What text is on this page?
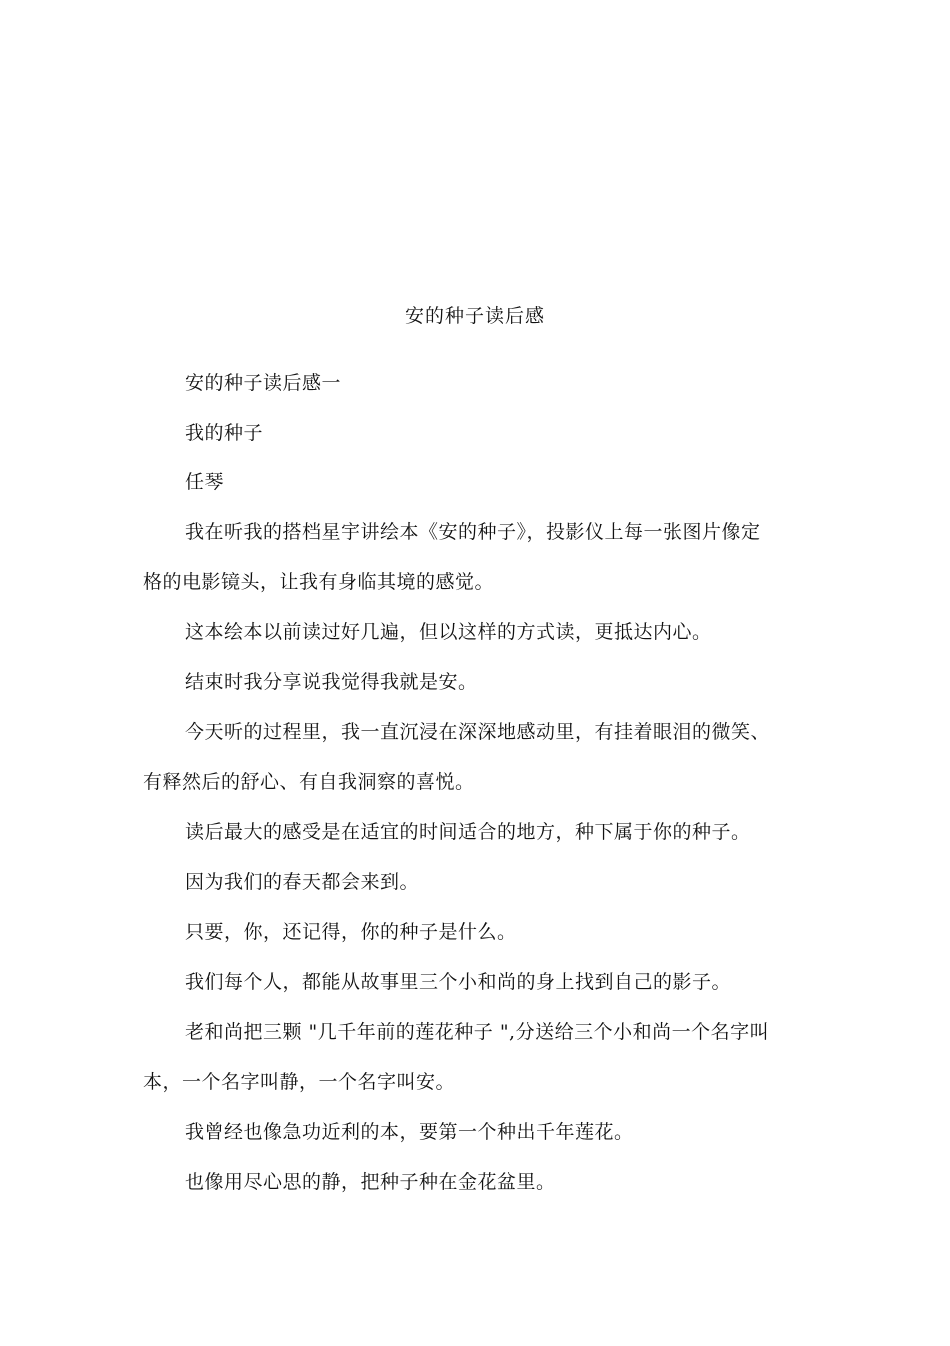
安的种子读后感
安的种子读后感一
我的种子
任琴
我在听我的搭档星宇讲绘本《安的种子》，投影仪上每一张图片像定
格的电影镜头，让我有身临其境的感觉。
这本绘本以前读过好几遍，但以这样的方式读，更抵达内心。
结束时我分享说我觉得我就是安。
今天听的过程里，我一直沉浸在深深地感动里，有挂着眼泪的微笑、
有释然后的舒心、有自我洞察的喜悦。
读后最大的感受是在适宜的时间适合的地方，种下属于你的种子。
因为我们的春天都会来到。
只要，你，还记得，你的种子是什么。
我们每个人，都能从故事里三个小和尚的身上找到自己的影子。
老和尚把三颗 "几千年前的莲花种子 ",分送给三个小和尚一个名字叫
本，一个名字叫静，一个名字叫安。
我曾经也像急功近利的本，要第一个种出千年莲花。
也像用尽心思的静，把种子种在金花盆里。
